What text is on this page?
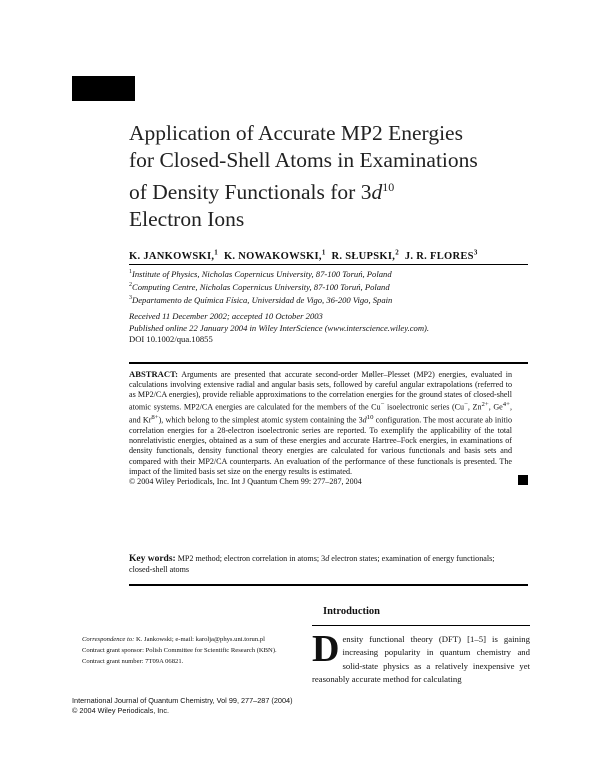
Application of Accurate MP2 Energies
for Closed-Shell Atoms in Examinations
of Density Functionals for $3d^{10}$
Electron Ions
K. JANKOWSKI,$^1$ K. NOWAKOWSKI,$^1$ R. SŁUPSKI,$^2$ J. R. FLORES$^3$
$^1$Institute of Physics, Nicholas Copernicus University, 87-100 Toruń, Poland
$^2$Computing Centre, Nicholas Copernicus University, 87-100 Toruń, Poland
$^3$Departamento de Química Física, Universidad de Vigo, 36-200 Vigo, Spain
Received 11 December 2002; accepted 10 October 2003
Published online 22 January 2004 in Wiley InterScience (www.interscience.wiley.com).
DOI 10.1002/qua.10855
ABSTRACT: Arguments are presented that accurate second-order Møller–Plesset (MP2) energies, evaluated in calculations involving extensive radial and angular basis sets, followed by careful angular extrapolations (referred to as MP2/CA energies), provide reliable approximations to the correlation energies for the ground states of closed-shell atomic systems. MP2/CA energies are calculated for the members of the Cu− isoelectronic series (Cu−, $Zn^{2+}$, $Ge^{4+}$, and $Kr^{8+}$), which belong to the simplest atomic system containing the $3d^{10}$ configuration. The most accurate ab initio correlation energies for a 28-electron isoelectronic series are reported. To exemplify the applicability of the total nonrelativistic energies, obtained as a sum of these energies and accurate Hartree–Fock energies, in examinations of density functionals, density functional theory energies are calculated for various functionals and basis sets and compared with their MP2/CA counterparts. An evaluation of the performance of these functionals is presented. The impact of the limited basis set size on the energy results is estimated.
© 2004 Wiley Periodicals, Inc. Int J Quantum Chem 99: 277–287, 2004
Key words: MP2 method; electron correlation in atoms; 3d electron states; examination of energy functionals; closed-shell atoms
Introduction
Density functional theory (DFT) [1–5] is gaining increasing popularity in quantum chemistry and solid-state physics as a relatively inexpensive yet reasonably accurate method for calculating

Correspondence to: K. Jankowski; e-mail: karolja@phys.uni.torun.pl

Contract grant sponsor: Polish Committee for Scientific Research (KBN).

Contract grant number: 7T09A 06821.

International Journal of Quantum Chemistry, Vol 99, 277–287 (2004)
© 2004 Wiley Periodicals, Inc.
